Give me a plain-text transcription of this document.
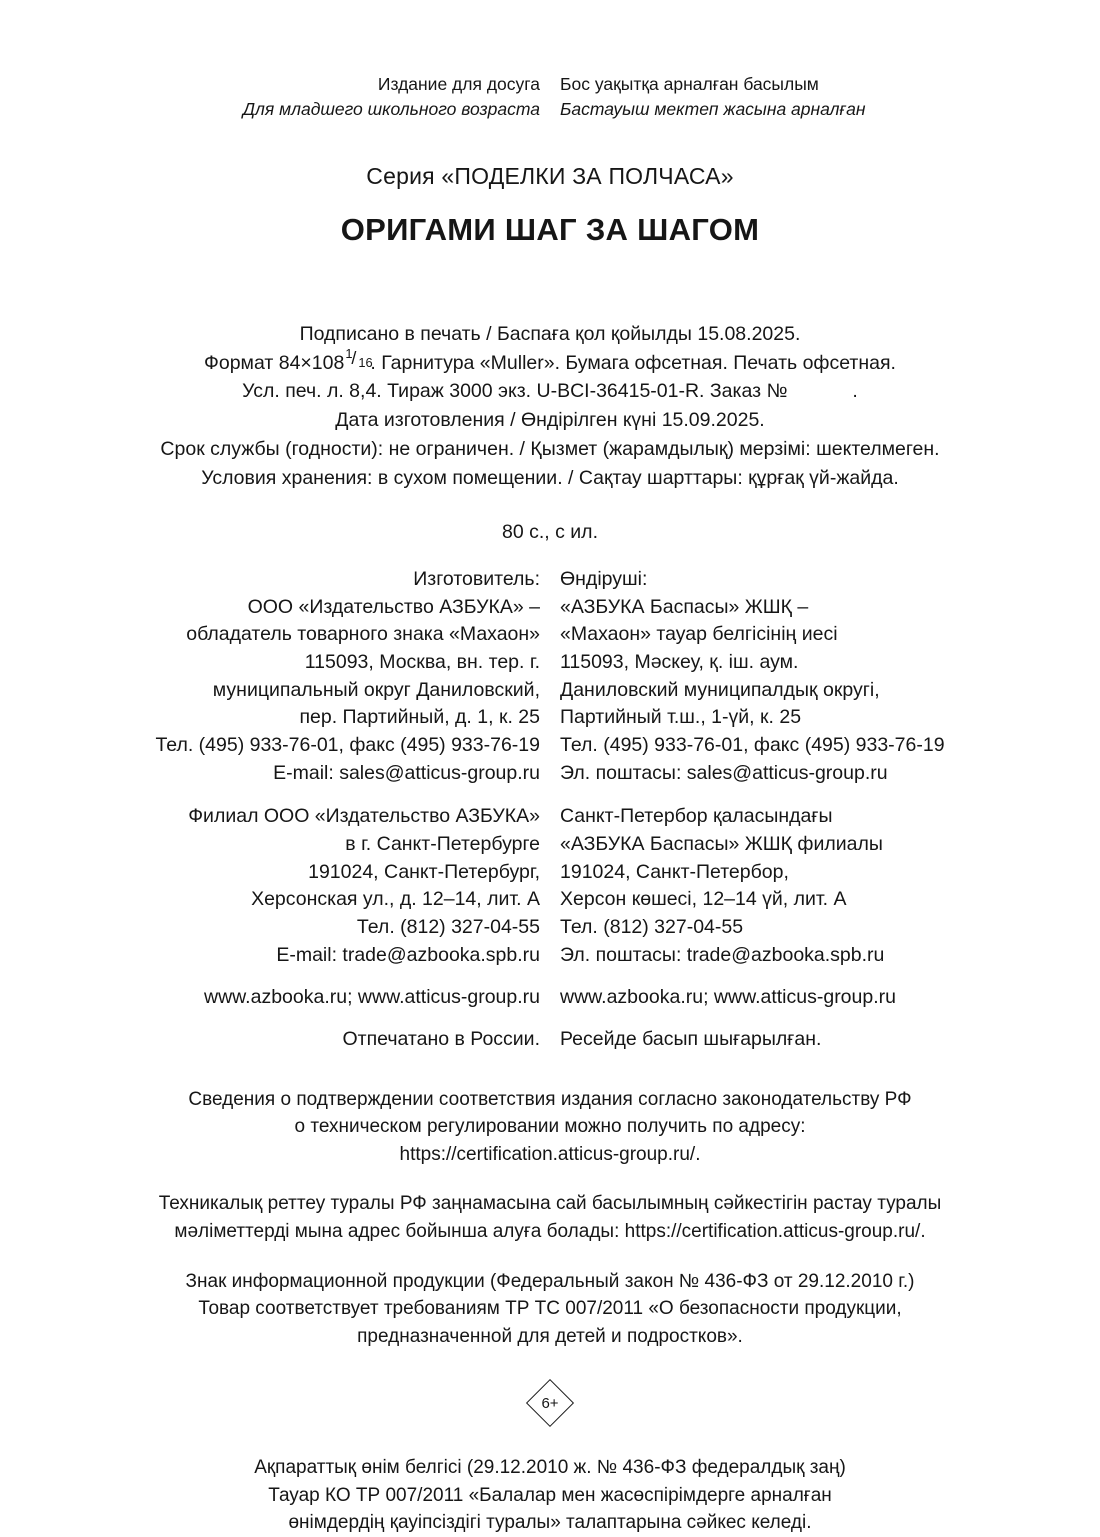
Издание для досуга
Для младшего школьного возраста
Бос уақытқа арналған басылым
Бастауыш мектеп жасына арналған
Серия «ПОДЕЛКИ ЗА ПОЛЧАСА»
ОРИГАМИ ШАГ ЗА ШАГОМ
Подписано в печать / Баспаға қол қойылды 15.08.2025.
Формат 84×108 1
/ 16
. Гарнитура «Muller». Бумага офсетная. Печать офсетная.
Усл. печ. л. 8,4. Тираж 3000 экз. U-BCI-36415-01-R. Заказ №            .
Дата изготовления / Өндірілген күні 15.09.2025.
Срок службы (годности): не ограничен. / Қызмет (жарамдылық) мерзімі: шектелмеген.
Условия хранения: в сухом помещении. / Сақтау шарттары: құрғақ үй-жайда.
80 с., с ил.
Изготовитель:
ООО «Издательство АЗБУКА» –
обладатель товарного знака «Махаон»
115093, Москва, вн. тер. г.
муниципальный округ Даниловский,
пер. Партийный, д. 1, к. 25
Тел. (495) 933-76-01, факс (495) 933-76-19
E-mail: sales@atticus-group.ru
Өндіруші:
«АЗБУКА Баспасы» ЖШҚ –
«Махаон» тауар белгісінің иесі
115093, Мәскеу, қ. іш. аум.
Даниловский муниципалдық округі,
Партийный т.ш., 1-үй, к. 25
Тел. (495) 933-76-01, факс (495) 933-76-19
Эл. поштасы: sales@atticus-group.ru
Филиал ООО «Издательство АЗБУКА»
в г. Санкт-Петербурге
191024, Санкт-Петербург,
Херсонская ул., д. 12–14, лит. А
Тел. (812) 327-04-55
E-mail: trade@azbooka.spb.ru
Санкт-Петербор қаласындағы
«АЗБУКА Баспасы» ЖШҚ филиалы
191024, Санкт-Петербор,
Херсон көшесі, 12–14 үй, лит. А
Тел. (812) 327-04-55
Эл. поштасы: trade@azbooka.spb.ru
www.azbooka.ru; www.atticus-group.ru www.azbooka.ru; www.atticus-group.ru
Отпечатано в России. Ресейде басып шығарылған.
Сведения о подтверждении соответствия издания согласно законодательству РФ
о техническом регулировании можно получить по адресу:
https://certification.atticus-group.ru/.
Техникалық реттеу туралы РФ заңнамасына сай басылымның сәйкестігін растау туралы
мәліметтерді мына адрес бойынша алуға болады: https://certification.atticus-group.ru/.
Знак информационной продукции (Федеральный закон № 436-ФЗ от 29.12.2010 г.)
Товар соответствует требованиям ТР ТС 007/2011 «О безопасности продукции,
предназначенной для детей и подростков».
6+
Ақпараттық өнім белгісі (29.12.2010 ж. № 436-ФЗ федералдық заң)
Тауар КО ТР 007/2011 «Балалар мен жасөспірімдерге арналған
өнімдердің қауіпсіздігі туралы» талаптарына сәйкес келеді.
